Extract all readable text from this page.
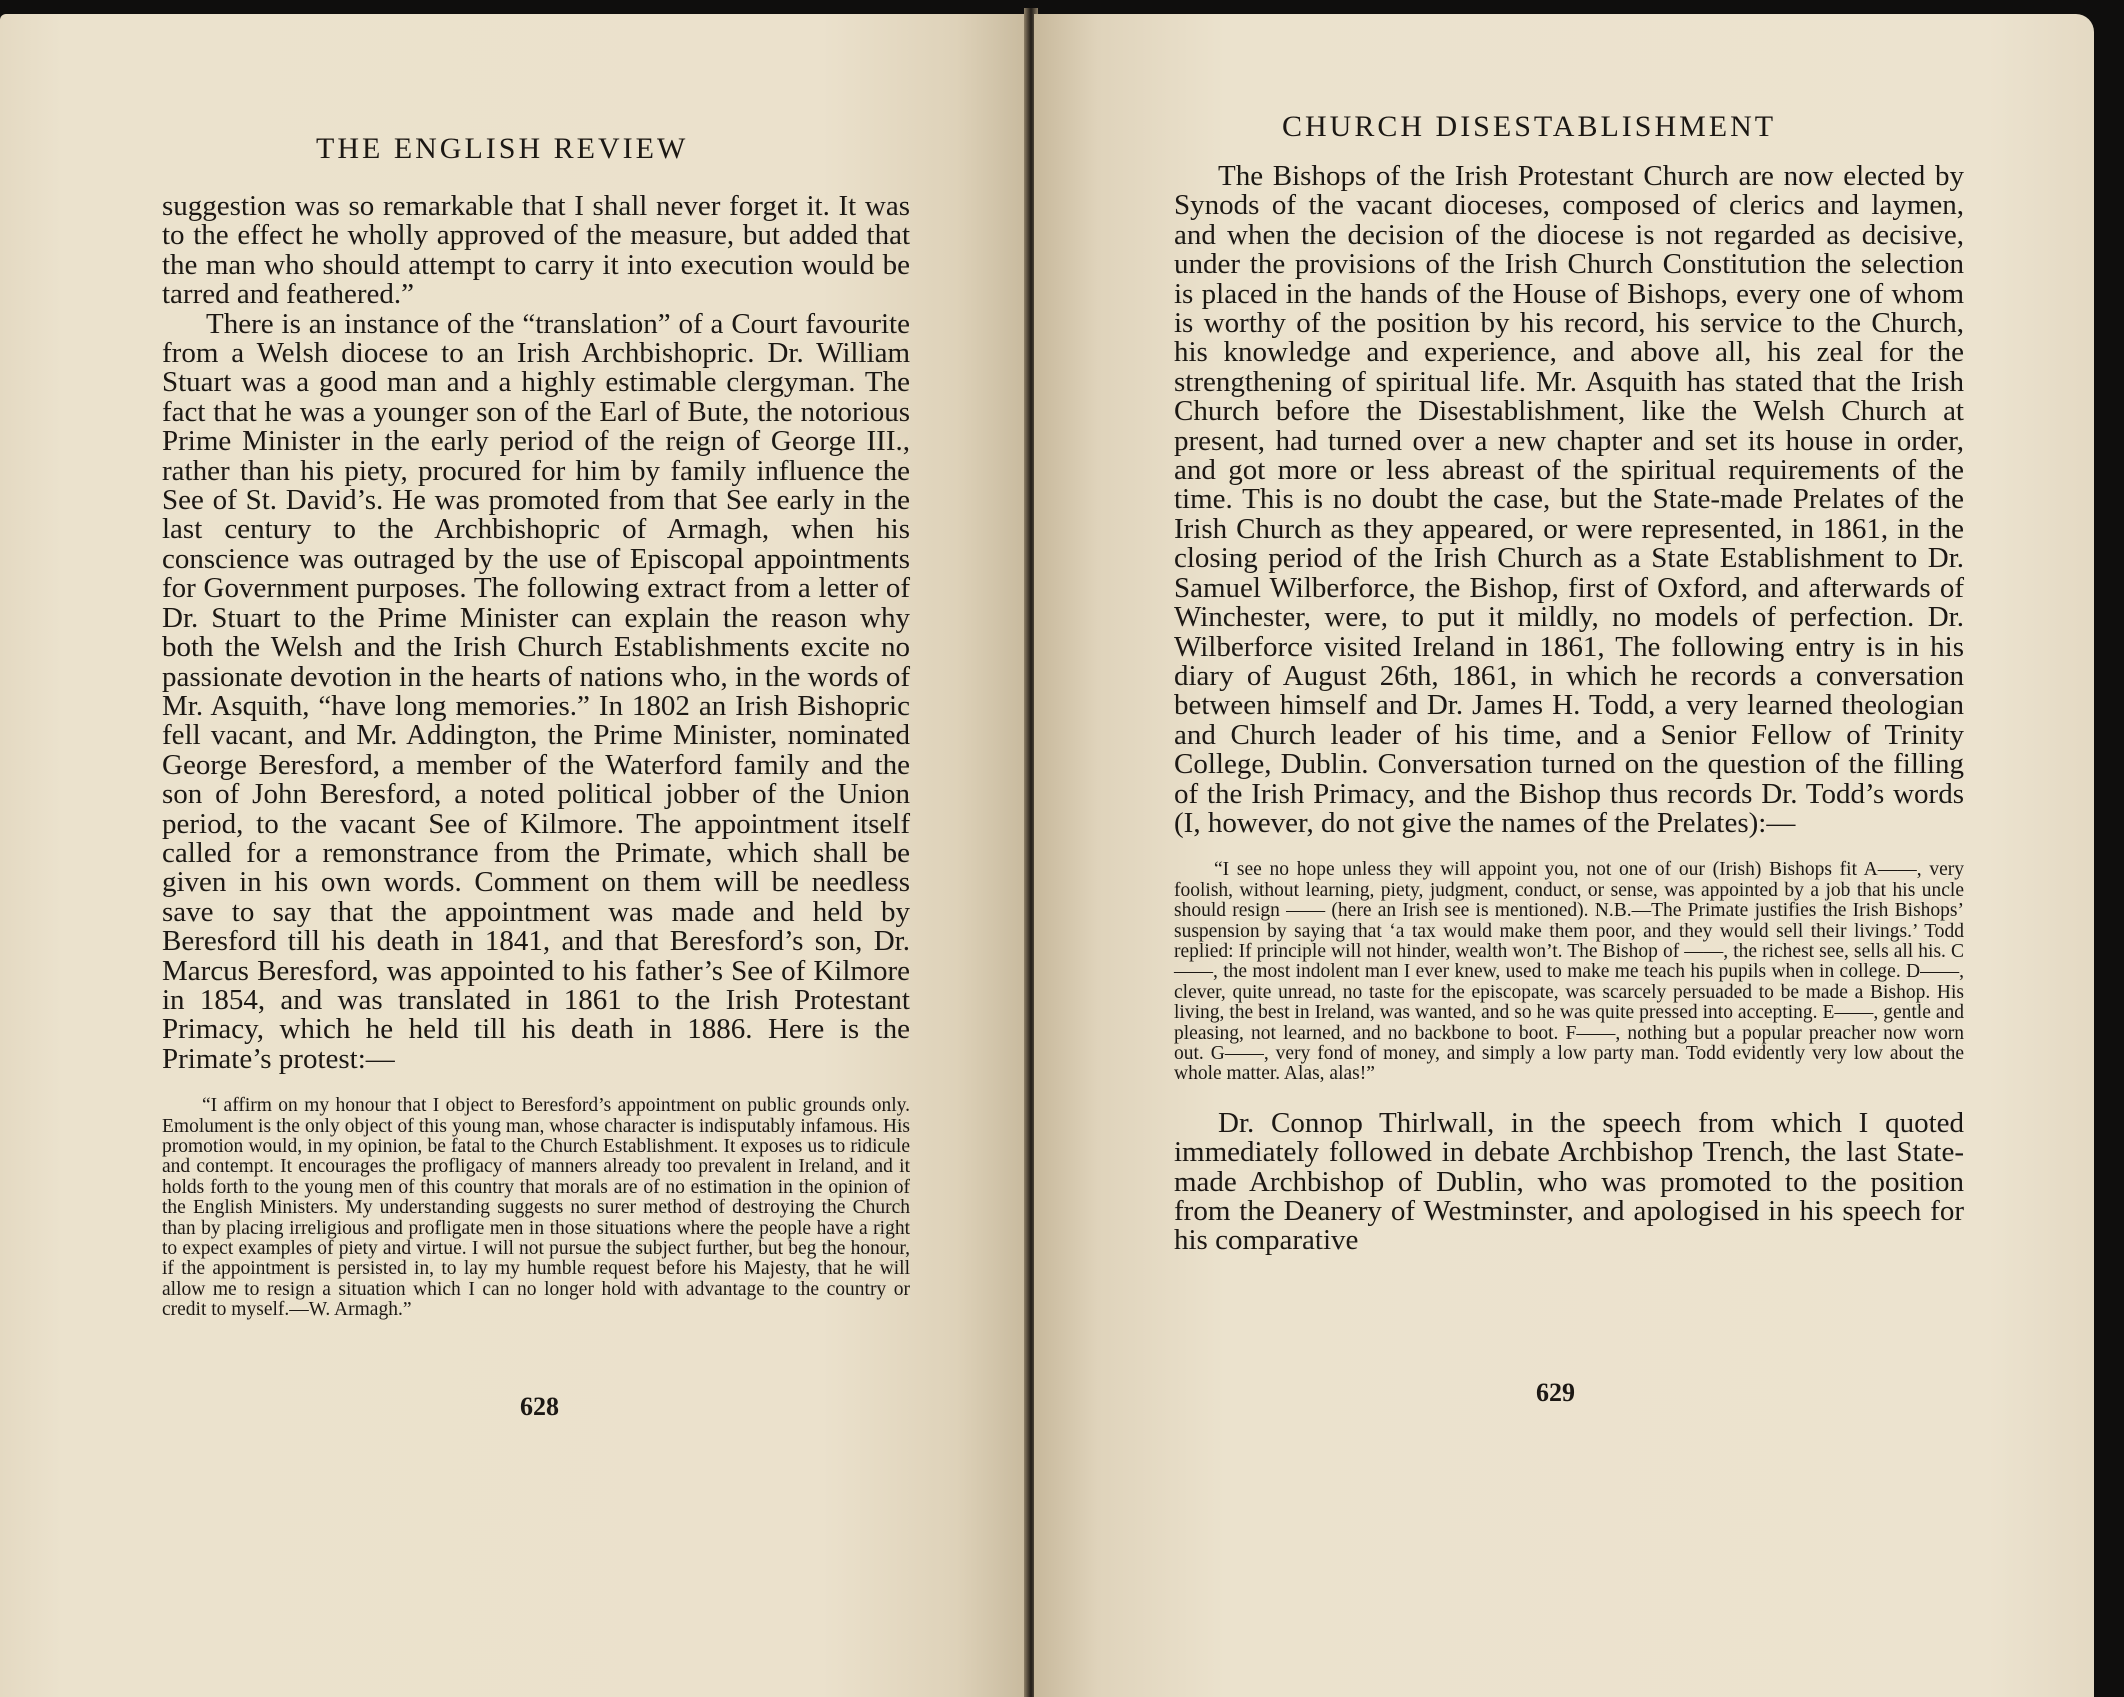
THE ENGLISH REVIEW

suggestion was so remarkable that I shall never forget it. It was to the effect he wholly approved of the measure, but added that the man who should attempt to carry it into execution would be tarred and feathered.”

There is an instance of the “translation” of a Court favourite from a Welsh diocese to an Irish Archbishopric. Dr. William Stuart was a good man and a highly estimable clergyman. The fact that he was a younger son of the Earl of Bute, the notorious Prime Minister in the early period of the reign of George III., rather than his piety, procured for him by family influence the See of St. David’s. He was promoted from that See early in the last century to the Archbishopric of Armagh, when his conscience was outraged by the use of Episcopal appointments for Government purposes. The following extract from a letter of Dr. Stuart to the Prime Minister can explain the reason why both the Welsh and the Irish Church Establishments excite no passionate devotion in the hearts of nations who, in the words of Mr. Asquith, “have long memories.” In 1802 an Irish Bishopric fell vacant, and Mr. Addington, the Prime Minister, nominated George Beresford, a member of the Waterford family and the son of John Beresford, a noted political jobber of the Union period, to the vacant See of Kilmore. The appointment itself called for a remonstrance from the Primate, which shall be given in his own words. Comment on them will be needless save to say that the appointment was made and held by Beresford till his death in 1841, and that Beresford’s son, Dr. Marcus Beresford, was appointed to his father’s See of Kilmore in 1854, and was translated in 1861 to the Irish Protestant Primacy, which he held till his death in 1886. Here is the Primate’s protest:—

“I affirm on my honour that I object to Beresford’s appointment on public grounds only. Emolument is the only object of this young man, whose character is indisputably infamous. His promotion would, in my opinion, be fatal to the Church Establishment. It exposes us to ridicule and contempt. It encourages the profligacy of manners already too prevalent in Ireland, and it holds forth to the young men of this country that morals are of no estimation in the opinion of the English Ministers. My understanding suggests no surer method of destroying the Church than by placing irreligious and profligate men in those situations where the people have a right to expect examples of piety and virtue. I will not pursue the subject further, but beg the honour, if the appointment is persisted in, to lay my humble request before his Majesty, that he will allow me to resign a situation which I can no longer hold with advantage to the country or credit to myself.—W. Armagh.”

628
CHURCH DISESTABLISHMENT

The Bishops of the Irish Protestant Church are now elected by Synods of the vacant dioceses, composed of clerics and laymen, and when the decision of the diocese is not regarded as decisive, under the provisions of the Irish Church Constitution the selection is placed in the hands of the House of Bishops, every one of whom is worthy of the position by his record, his service to the Church, his knowledge and experience, and above all, his zeal for the strengthening of spiritual life. Mr. Asquith has stated that the Irish Church before the Disestablishment, like the Welsh Church at present, had turned over a new chapter and set its house in order, and got more or less abreast of the spiritual requirements of the time. This is no doubt the case, but the State-made Prelates of the Irish Church as they appeared, or were represented, in 1861, in the closing period of the Irish Church as a State Establishment to Dr. Samuel Wilberforce, the Bishop, first of Oxford, and afterwards of Winchester, were, to put it mildly, no models of perfection. Dr. Wilberforce visited Ireland in 1861, The following entry is in his diary of August 26th, 1861, in which he records a conversation between himself and Dr. James H. Todd, a very learned theologian and Church leader of his time, and a Senior Fellow of Trinity College, Dublin. Conversation turned on the question of the filling of the Irish Primacy, and the Bishop thus records Dr. Todd’s words (I, however, do not give the names of the Prelates):—

“I see no hope unless they will appoint you, not one of our (Irish) Bishops fit A——, very foolish, without learning, piety, judgment, conduct, or sense, was appointed by a job that his uncle should resign —— (here an Irish see is mentioned). N.B.—The Primate justifies the Irish Bishops’ suspension by saying that ‘a tax would make them poor, and they would sell their livings.’ Todd replied: If principle will not hinder, wealth won’t. The Bishop of ——, the richest see, sells all his. C——, the most indolent man I ever knew, used to make me teach his pupils when in college. D——, clever, quite unread, no taste for the episcopate, was scarcely persuaded to be made a Bishop. His living, the best in Ireland, was wanted, and so he was quite pressed into accepting. E——, gentle and pleasing, not learned, and no backbone to boot. F——, nothing but a popular preacher now worn out. G——, very fond of money, and simply a low party man. Todd evidently very low about the whole matter. Alas, alas!”

Dr. Connop Thirlwall, in the speech from which I quoted immediately followed in debate Archbishop Trench, the last State-made Archbishop of Dublin, who was promoted to the position from the Deanery of Westminster, and apologised in his speech for his comparative

629
